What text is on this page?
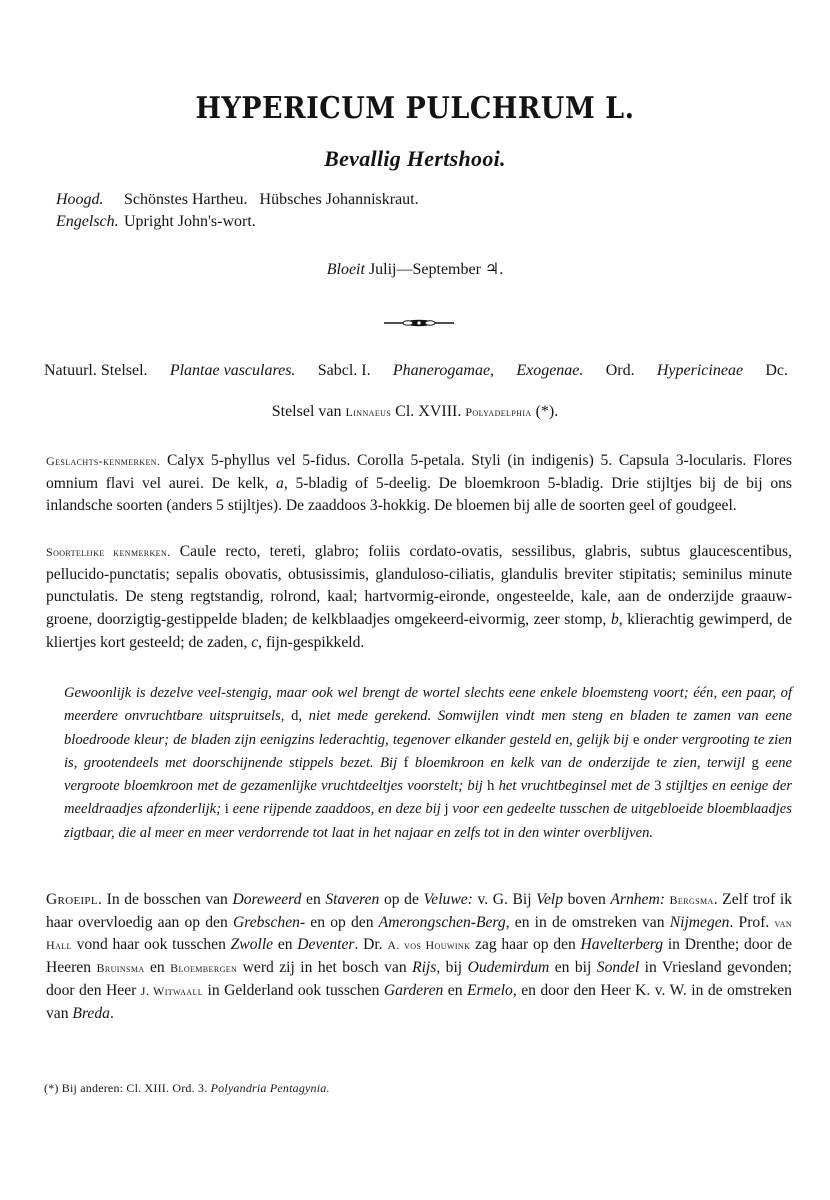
HYPERICUM PULCHRUM L.
Bevallig Hertshooi.
Hoogd. Schönstes Hartheu.   Hübsches Johanniskraut.
Engelsch. Upright John's-wort.
Bloeit Julij—September ♃.
Natuurl. Stelsel. Plantae vasculares. Sabcl. I. Phanerogamae, Exogenae. Ord. Hypericineae Dc.
Stelsel van Linnaeus Cl. XVIII. Polyadelphia (*).
Geslachts-kenmerken. Calyx 5-phyllus vel 5-fidus. Corolla 5-petala. Styli (in indigenis) 5. Capsula 3-locularis. Flores omnium flavi vel aurei. De kelk, a, 5-bladig of 5-deelig. De bloemkroon 5-bladig. Drie stijltjes bij de bij ons inlandsche soorten (anders 5 stijltjes). De zaaddoos 3-hokkig. De bloemen bij alle de soorten geel of goudgeel.
Soortelijke kenmerken. Caule recto, tereti, glabro; foliis cordato-ovatis, sessilibus, glabris, subtus glaucescentibus, pellucido-punctatis; sepalis obovatis, obtusissimis, glanduloso-ciliatis, glandulis breviter stipitatis; seminilus minute punctulatis. De steng regtstandig, rolrond, kaal; hartvormig-eironde, ongesteelde, kale, aan de onderzijde graauw-groene, doorzigtig-gestippelde bladen; de kelkblaadjes omgekeerd-eivormig, zeer stomp, b, klierachtig gewimperd, de kliertjes kort gesteeld; de zaden, c, fijn-gespikkeld.
Gewoonlijk is dezelve veel-stengig, maar ook wel brengt de wortel slechts eene enkele bloemsteng voort; één, een paar, of meerdere onvruchtbare uitspruitsels, d, niet mede gerekend. Somwijlen vindt men steng en bladen te zamen van eene bloedroode kleur; de bladen zijn eenigzins lederachtig, tegenover elkander gesteld en, gelijk bij e onder vergrooting te zien is, grootendeels met doorschijnende stippels bezet. Bij f bloemkroon en kelk van de onderzijde te zien, terwijl g eene vergroote bloemkroon met de gezamenlijke vruchtdeeltjes voorstelt; bij h het vruchtbeginsel met de 3 stijltjes en eenige der meeldraadjes afzonderlijk; i eene rijpende zaaddoos, en deze bij j voor een gedeelte tusschen de uitgebloeide bloemblaadjes zigtbaar, die al meer en meer verdorrende tot laat in het najaar en zelfs tot in den winter overblijven.
Groeipl. In de bosschen van Doreweerd en Staveren op de Veluwe: v. G. Bij Velp boven Arnhem: Bergsma. Zelf trof ik haar overvloedig aan op den Grebschen- en op den Amerongschen-Berg, en in de omstreken van Nijmegen. Prof. van Hall vond haar ook tusschen Zwolle en Deventer. Dr. A. vos Houwink zag haar op den Havelterberg in Drenthe; door de Heeren Bruinsma en Bloembergen werd zij in het bosch van Rijs, bij Oudemirdum en bij Sondel in Vriesland gevonden; door den Heer J. Witwaall in Gelderland ook tusschen Garderen en Ermelo, en door den Heer K. v. W. in de omstreken van Breda.
(*) Bij anderen: Cl. XIII. Ord. 3. Polyandria Pentagynia.
